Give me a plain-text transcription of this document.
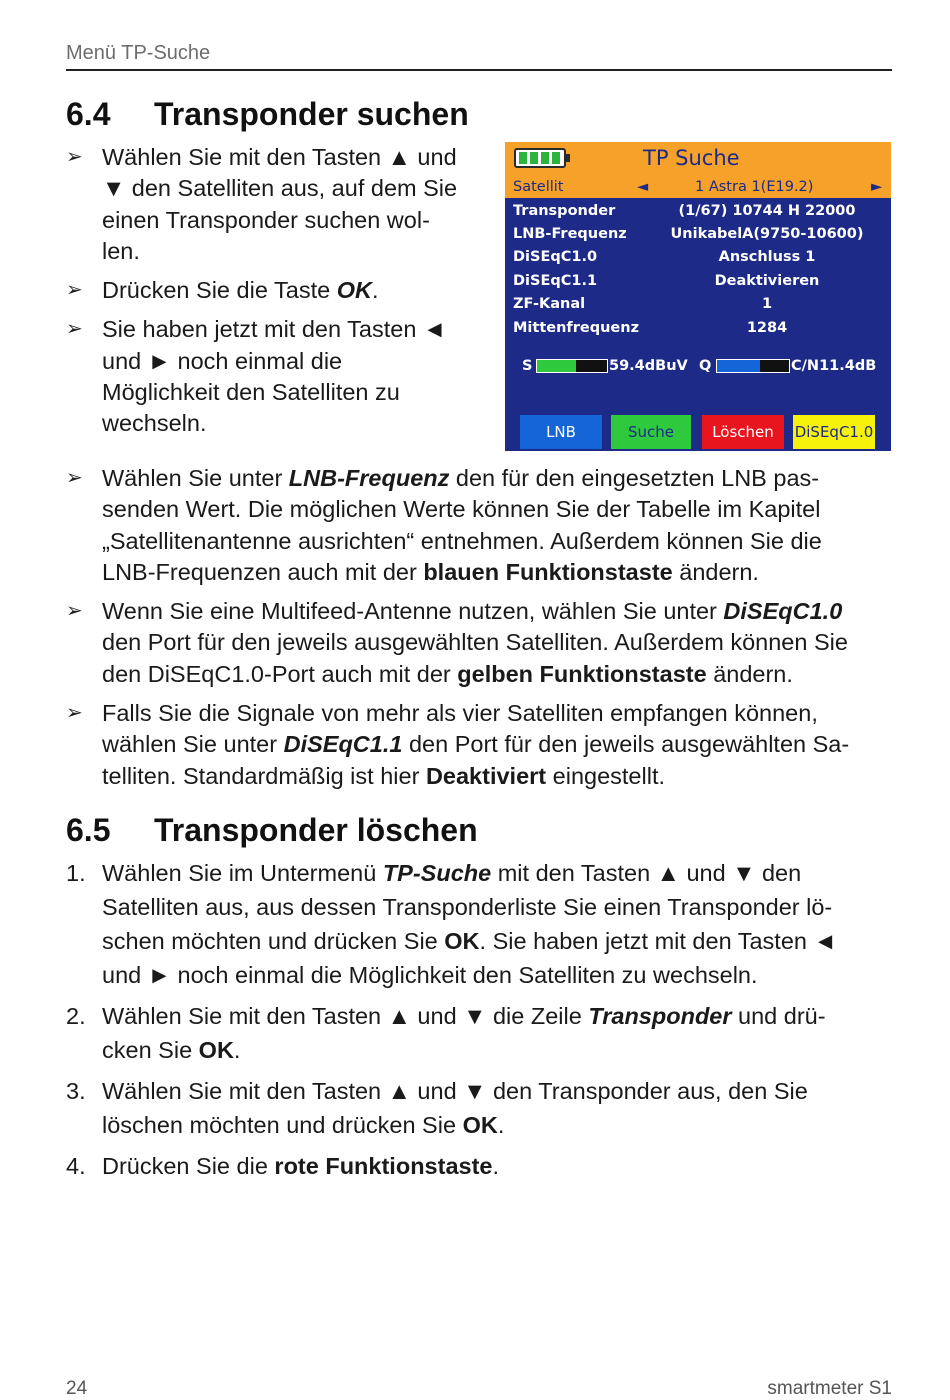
Menü TP-Suche
6.4 Transponder suchen
➢ Wählen Sie mit den Tasten ▲ und
▼ den Satelliten aus, auf dem Sie
einen Transponder suchen wol-
len.
➢ Drücken Sie die Taste OK.
➢ Sie haben jetzt mit den Tasten ◄
und ► noch einmal die
Möglichkeit den Satelliten zu
wechseln.
TP Suche
Satellit	◄	1 Astra 1(E19.2)	►
Transponder	(1/67) 10744 H 22000
LNB-Frequenz	UnikabelA(9750-10600)
DiSEqC1.0	Anschluss 1
DiSEqC1.1	Deaktivieren
ZF-Kanal	1
Mittenfrequenz	1284
S	59.4dBuV Q	C/N11.4dB
LNB	Suche	Löschen	DiSEqC1.0
➢ Wählen Sie unter LNB-Frequenz den für den eingesetzten LNB pas-
senden Wert. Die möglichen Werte können Sie der Tabelle im Kapitel
„Satellitenantenne ausrichten“ entnehmen. Außerdem können Sie die
LNB-Frequenzen auch mit der blauen Funktionstaste ändern.
➢ Wenn Sie eine Multifeed-Antenne nutzen, wählen Sie unter DiSEqC1.0
den Port für den jeweils ausgewählten Satelliten. Außerdem können Sie
den DiSEqC1.0-Port auch mit der gelben Funktionstaste ändern.
➢ Falls Sie die Signale von mehr als vier Satelliten empfangen können,
wählen Sie unter DiSEqC1.1 den Port für den jeweils ausgewählten Sa-
telliten. Standardmäßig ist hier Deaktiviert eingestellt.
6.5 Transponder löschen
1. Wählen Sie im Untermenü TP-Suche mit den Tasten ▲ und ▼ den
Satelliten aus, aus dessen Transponderliste Sie einen Transponder lö-
schen möchten und drücken Sie OK. Sie haben jetzt mit den Tasten ◄
und ► noch einmal die Möglichkeit den Satelliten zu wechseln.
2. Wählen Sie mit den Tasten ▲ und ▼ die Zeile Transponder und drü-
cken Sie OK.
3. Wählen Sie mit den Tasten ▲ und ▼ den Transponder aus, den Sie
löschen möchten und drücken Sie OK.
4. Drücken Sie die rote Funktionstaste.
24	smartmeter S1
